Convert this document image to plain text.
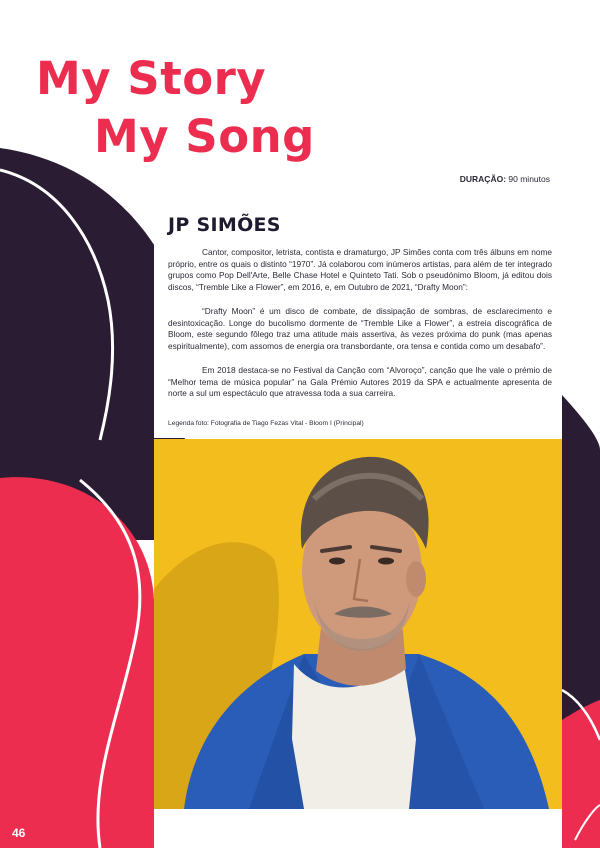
My Story
My Song
DURAÇÃO: 90 minutos
JP SIMÕES

Cantor, compositor, letrista, contista e dramaturgo, JP Simões conta com três álbuns em nome próprio, entre os quais o distinto “1970”. Já colaborou com inúmeros artistas, para além de ter integrado grupos como Pop Dell'Arte, Belle Chase Hotel e Quinteto Tati. Sob o pseudónimo Bloom, já editou dois discos, “Tremble Like a Flower”, em 2016, e, em Outubro de 2021, “Drafty Moon”:

“Drafty Moon” é um disco de combate, de dissipação de sombras, de esclarecimento e desintoxicação. Longe do bucolismo dormente de “Tremble Like a Flower”, a estreia discográfica de Bloom, este segundo fôlego traz uma atitude mais assertiva, às vezes próxima do punk (mas apenas espiritualmente), com assomos de energia ora transbordante, ora tensa e contida como um desabafo”.

Em 2018 destaca-se no Festival da Canção com “Alvoroço”, canção que lhe vale o prémio de “Melhor tema de música popular” na Gala Prémio Autores 2019 da SPA e actualmente apresenta de norte a sul um espectáculo que atravessa toda a sua carreira.

Legenda foto: Fotografia de Tiago Fezas Vital - Bloom I (Principal)
46
